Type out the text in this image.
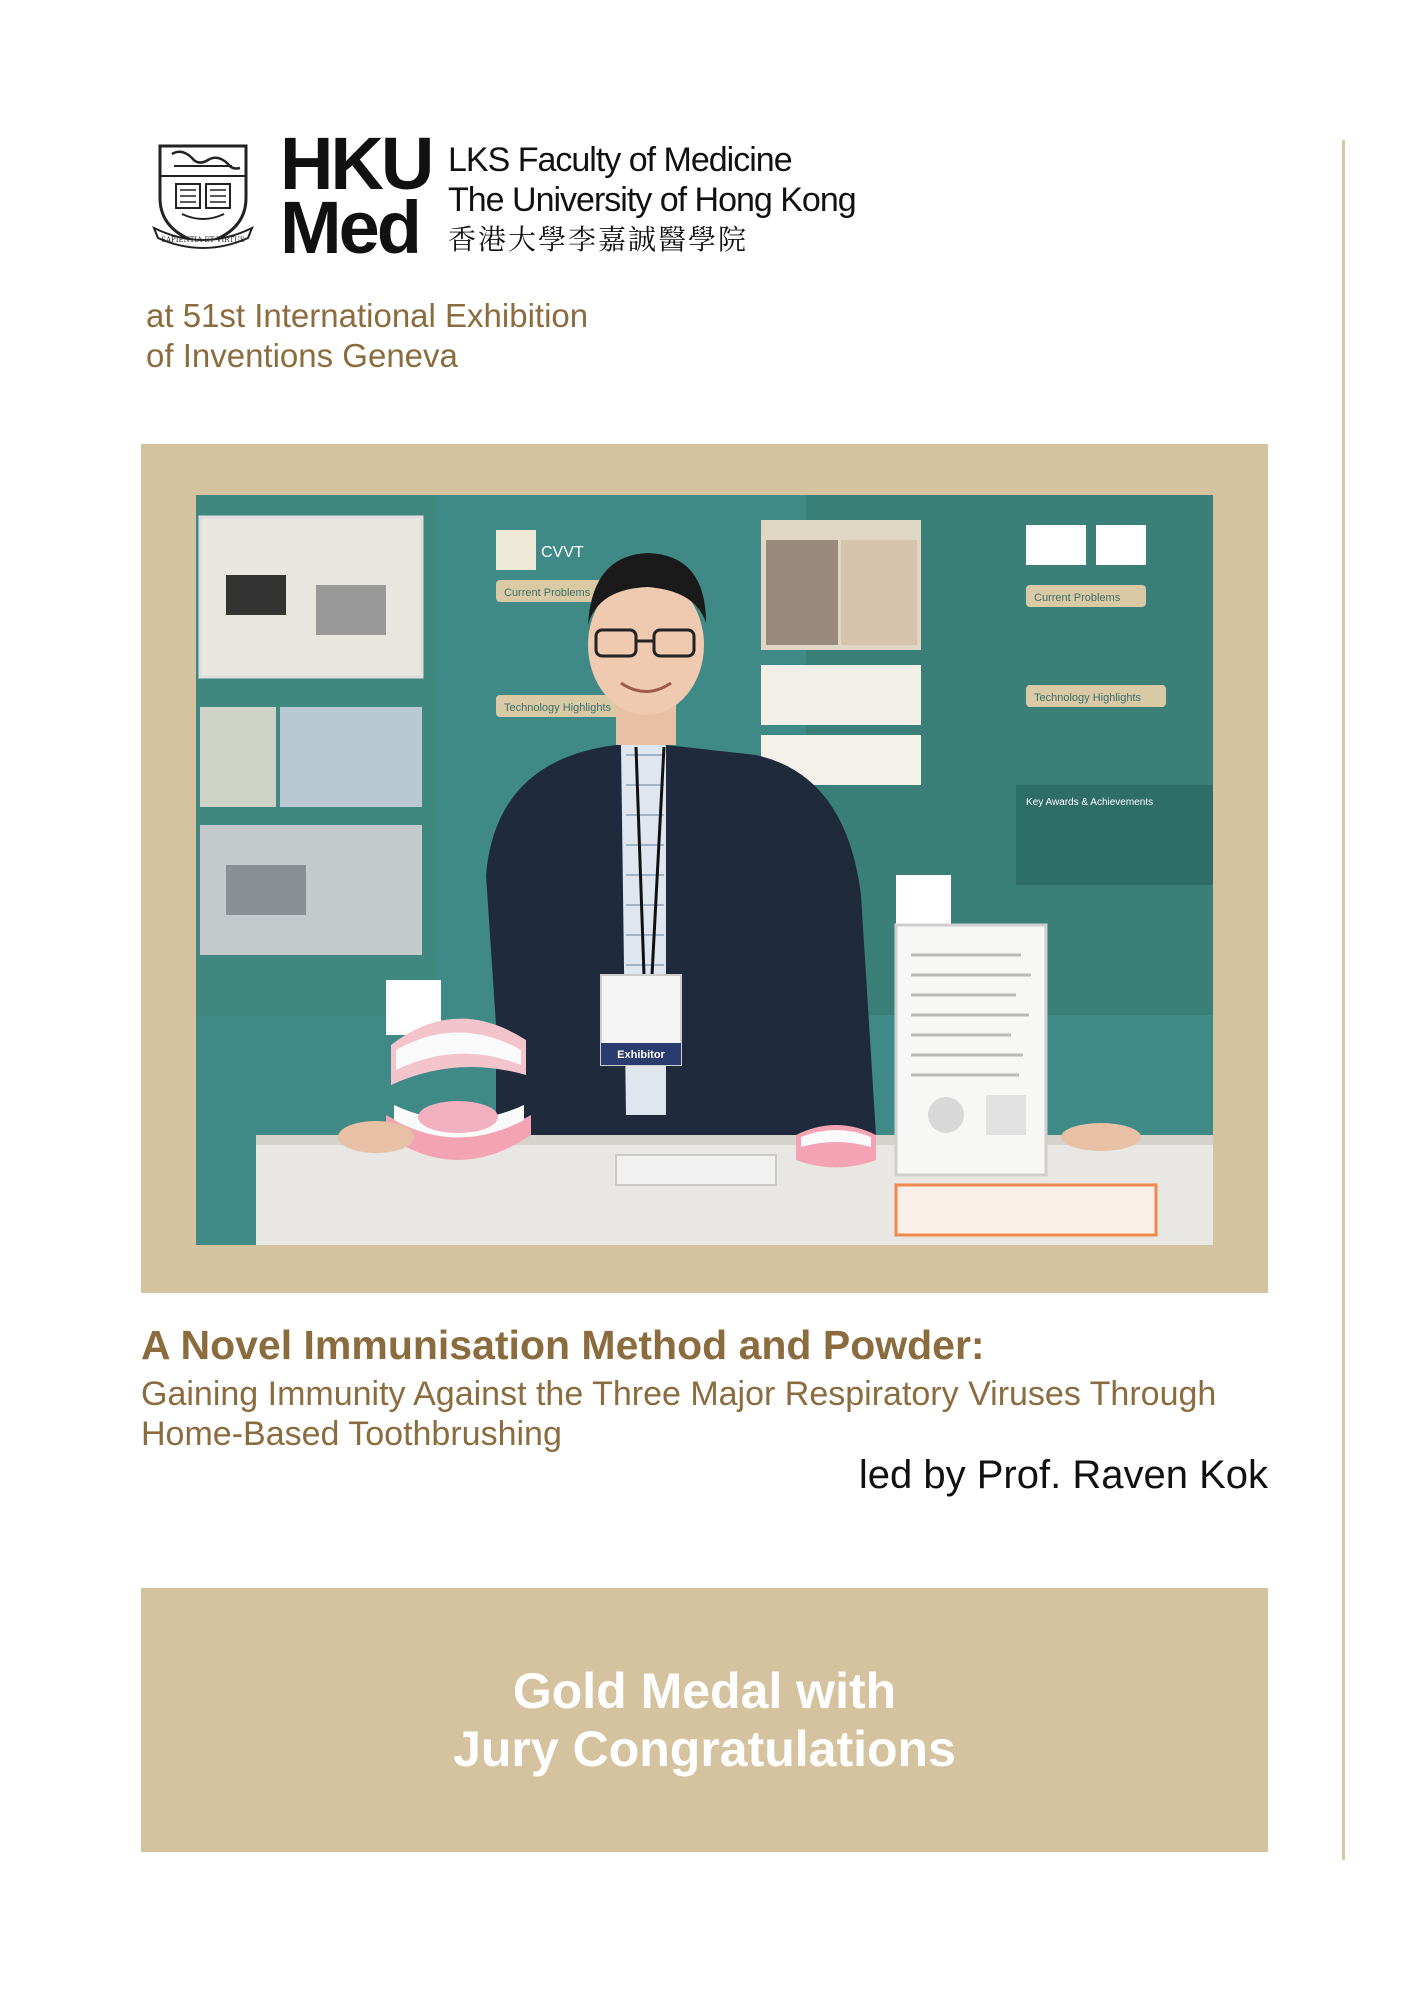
SAPIENTIA ET VIRTUS
HKU
Med
LKS Faculty of Medicine
The University of Hong Kong
香港大學李嘉誠醫學院
at 51st International Exhibition
of Inventions Geneva
CVVT
Current Problems
Technology Highlights
Current Problems
Technology Highlights
Key Awards & Achievements
Exhibitor
A Novel Immunisation Method and Powder:
Gaining Immunity Against the Three Major Respiratory Viruses Through
Home-Based Toothbrushing
led by Prof. Raven Kok
Gold Medal with
Jury Congratulations
